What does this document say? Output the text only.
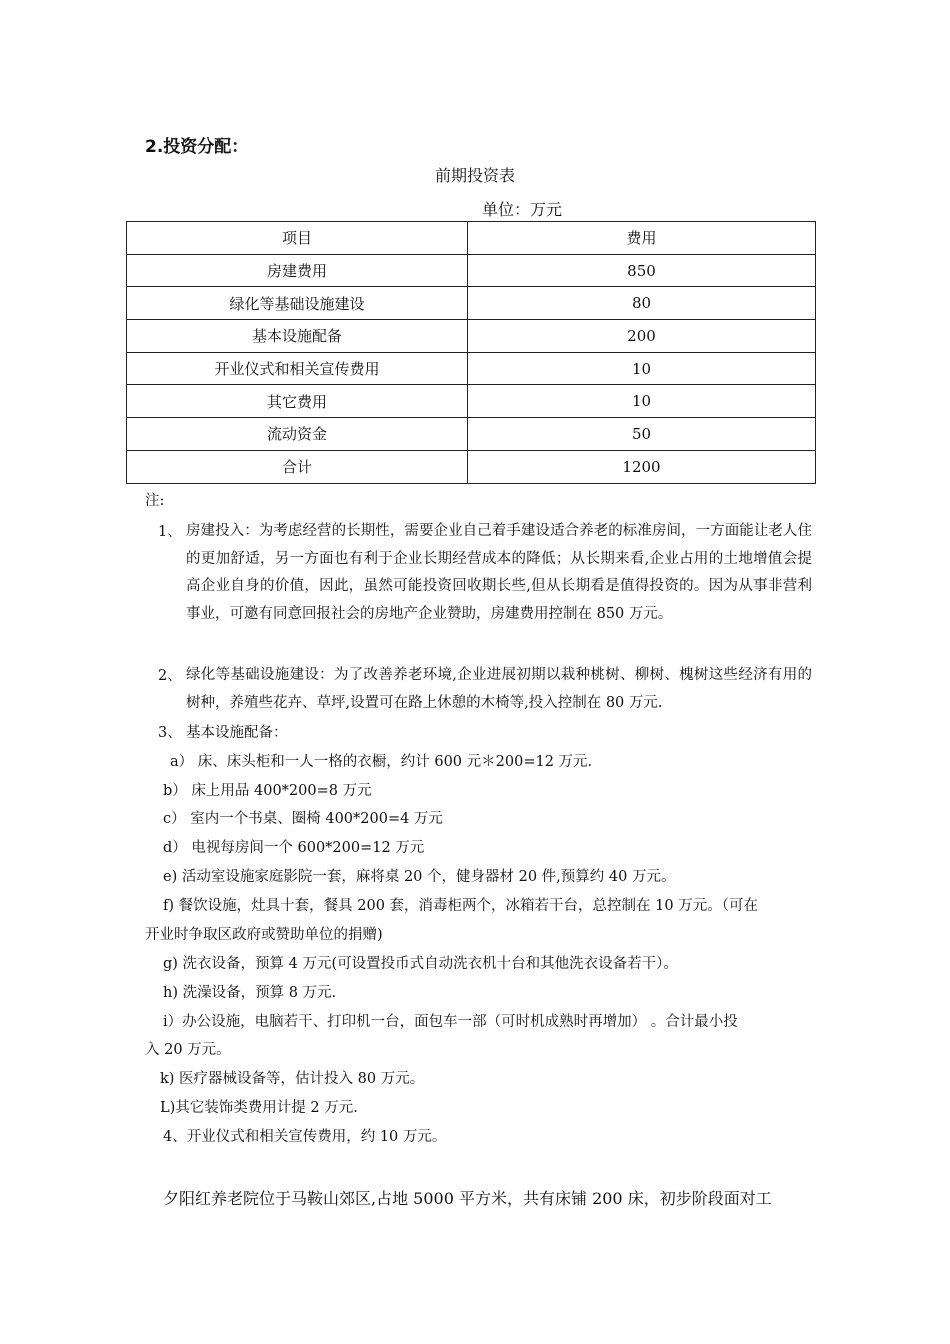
2.投资分配：
前期投资表
单位：万元
项目	费用
房建费用	850
绿化等基础设施建设	80
基本设施配备	200
开业仪式和相关宣传费用	10
其它费用	10
流动资金	50
合计	1200
注:
1、 房建投入：为考虑经营的长期性，需要企业自己着手建设适合养老的标准房间，一方面能让老人住的更加舒适，另一方面也有利于企业长期经营成本的降低；从长期来看,企业占用的土地增值会提高企业自身的价值，因此，虽然可能投资回收期长些,但从长期看是值得投资的。因为从事非营利事业，可邀有同意回报社会的房地产企业赞助，房建费用控制在 850 万元。
2、 绿化等基础设施建设：为了改善养老环境,企业进展初期以栽种桃树、柳树、槐树这些经济有用的树种，养殖些花卉、草坪,设置可在路上休憩的木椅等,投入控制在 80 万元.
3、 基本设施配备：
a） 床、床头柜和一人一格的衣橱，约计 600 元＊200=12 万元.
b） 床上用品 400*200=8 万元
c） 室内一个书桌、圈椅 400*200=4 万元
d） 电视每房间一个 600*200=12 万元
e) 活动室设施家庭影院一套，麻将桌 20 个，健身器材 20 件,预算约 40 万元。
f) 餐饮设施，灶具十套，餐具 200 套，消毒柜两个，冰箱若干台，总控制在 10 万元。（可在
开业时争取区政府或赞助单位的捐赠)
g) 洗衣设备，预算 4 万元(可设置投币式自动洗衣机十台和其他洗衣设备若干）。
h) 洗澡设备，预算 8 万元.
i）办公设施，电脑若干、打印机一台，面包车一部（可时机成熟时再增加） 。合计最小投
入 20 万元。
k) 医疗器械设备等，估计投入 80 万元。
L)其它装饰类费用计提 2 万元.
4、开业仪式和相关宣传费用，约 10 万元。
夕阳红养老院位于马鞍山郊区,占地 5000 平方米，共有床铺 200 床，初步阶段面对工
